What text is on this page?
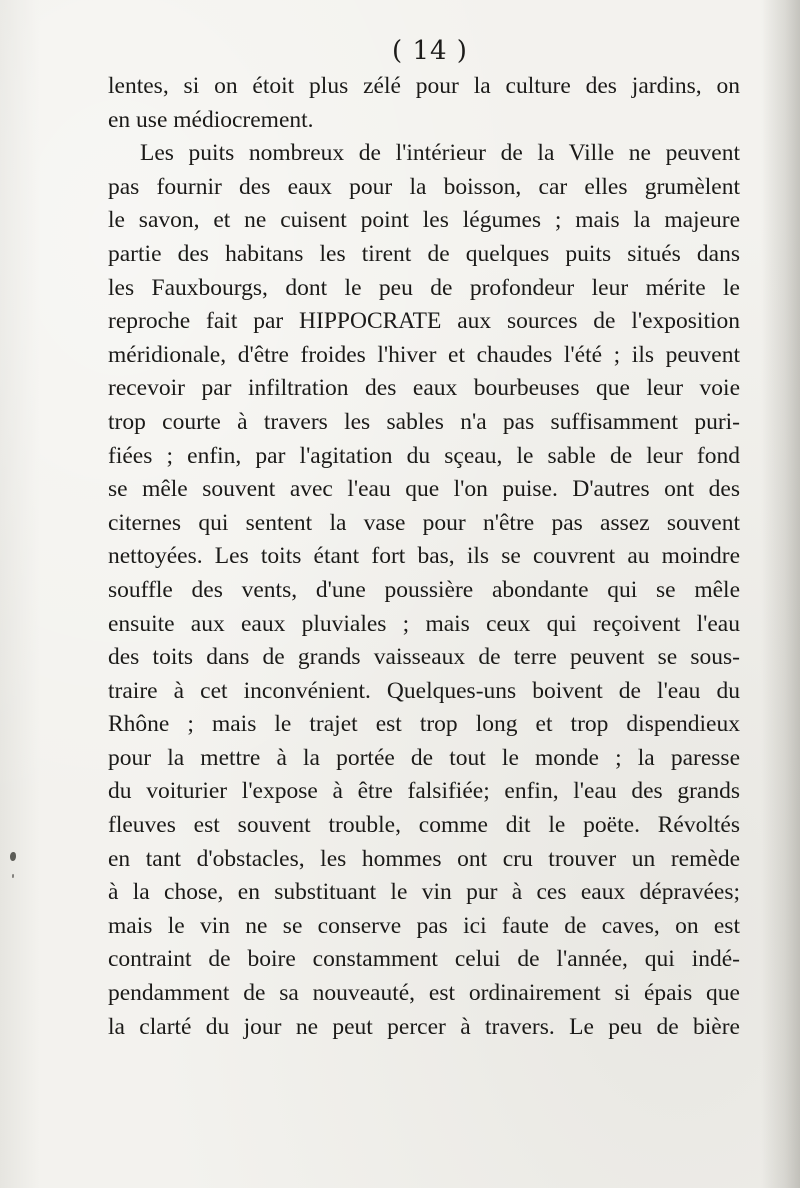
( 14 )
lentes, si on étoit plus zélé pour la culture des jardins, on
en use médiocrement.
Les puits nombreux de l'intérieur de la Ville ne peuvent
pas fournir des eaux pour la boisson, car elles grumèlent
le savon, et ne cuisent point les légumes ; mais la majeure
partie des habitans les tirent de quelques puits situés dans
les Fauxbourgs, dont le peu de profondeur leur mérite le
reproche fait par HIPPOCRATE aux sources de l'exposition
méridionale, d'être froides l'hiver et chaudes l'été ; ils peuvent
recevoir par infiltration des eaux bourbeuses que leur voie
trop courte à travers les sables n'a pas suffisamment puri-
fiées ; enfin, par l'agitation du sçeau, le sable de leur fond
se mêle souvent avec l'eau que l'on puise. D'autres ont des
citernes qui sentent la vase pour n'être pas assez souvent
nettoyées. Les toits étant fort bas, ils se couvrent au moindre
souffle des vents, d'une poussière abondante qui se mêle
ensuite aux eaux pluviales ; mais ceux qui reçoivent l'eau
des toits dans de grands vaisseaux de terre peuvent se sous-
traire à cet inconvénient. Quelques-uns boivent de l'eau du
Rhône ; mais le trajet est trop long et trop dispendieux
pour la mettre à la portée de tout le monde ; la paresse
du voiturier l'expose à être falsifiée; enfin, l'eau des grands
fleuves est souvent trouble, comme dit le poëte. Révoltés
en tant d'obstacles, les hommes ont cru trouver un remède
à la chose, en substituant le vin pur à ces eaux dépravées;
mais le vin ne se conserve pas ici faute de caves, on est
contraint de boire constamment celui de l'année, qui indé-
pendamment de sa nouveauté, est ordinairement si épais que
la clarté du jour ne peut percer à travers. Le peu de bière
